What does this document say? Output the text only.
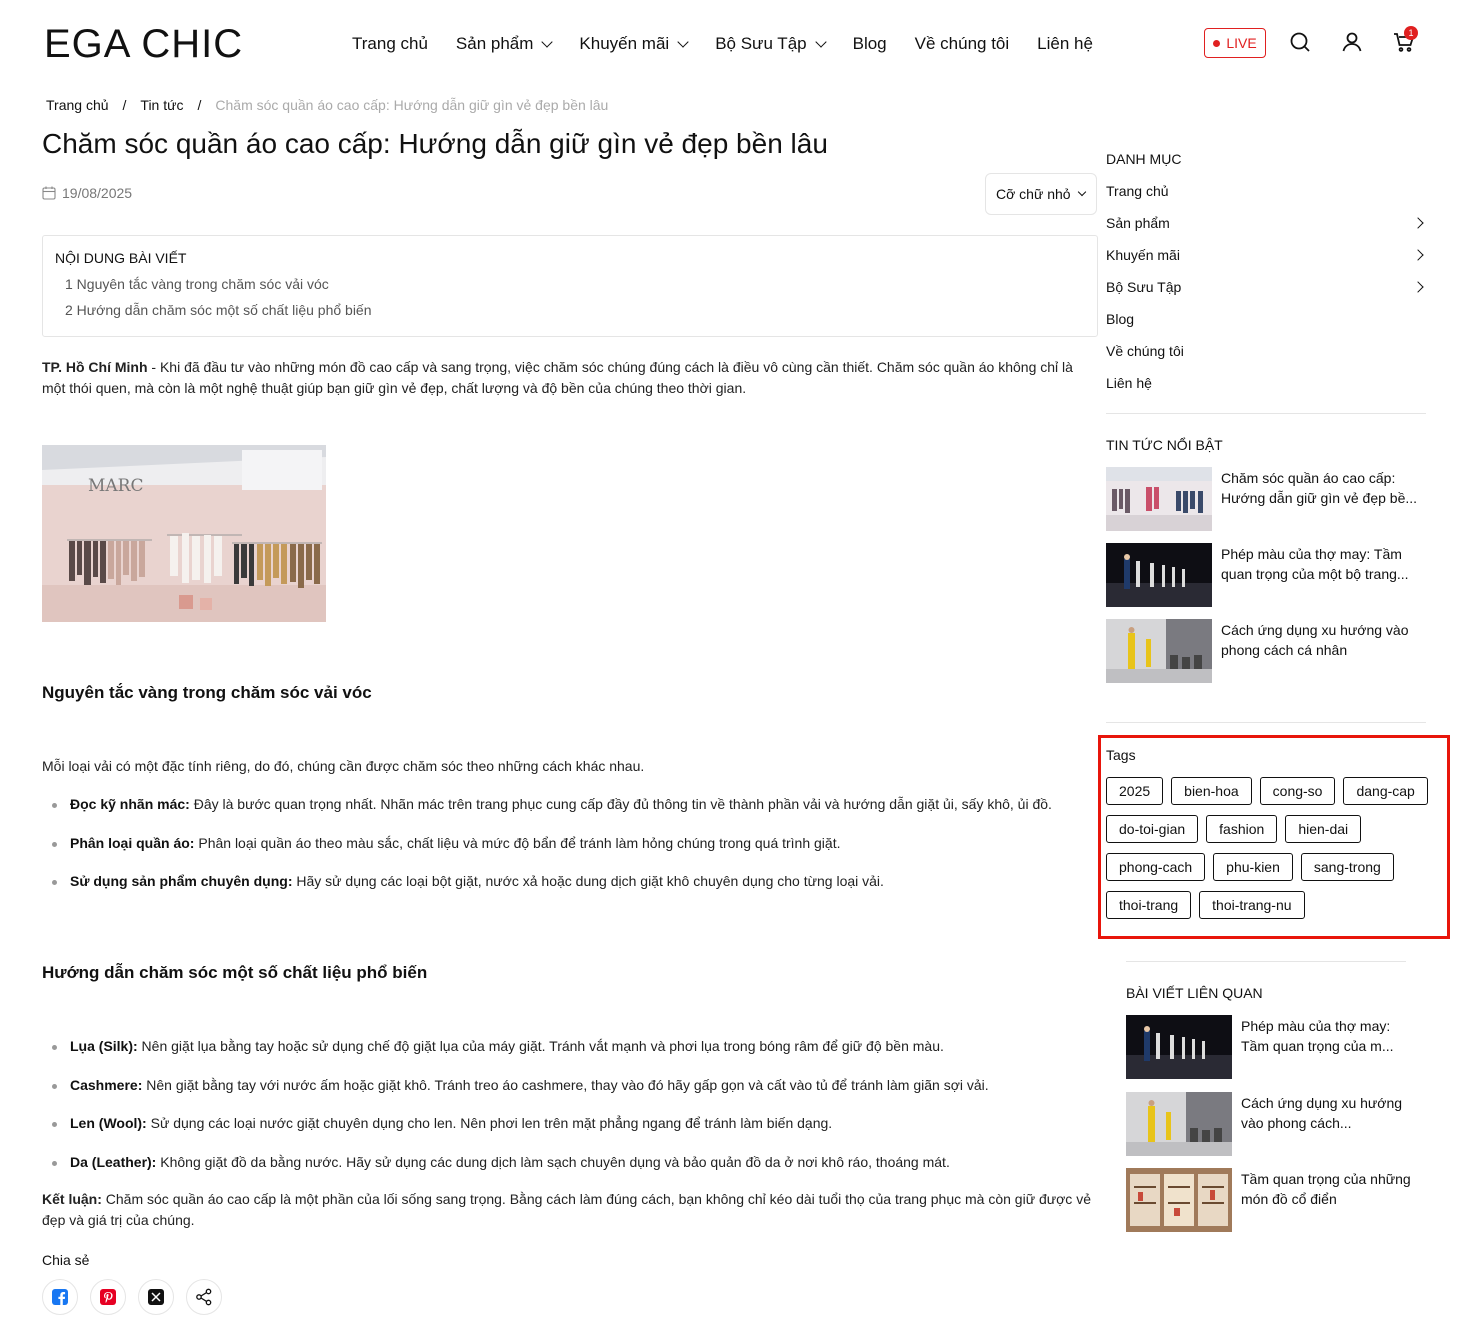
EGA CHIC	Trang chủ Sản phẩm	Khuyến mãi	Bộ Sưu Tập	Blog Về chúng tôi Liên hệ	LIVE
1
Trang chủ / Tin tức / Chăm sóc quần áo cao cấp: Hướng dẫn giữ gìn vẻ đẹp bền lâu
Chăm sóc quần áo cao cấp: Hướng dẫn giữ gìn vẻ đẹp bền lâu
19/08/2025	Cỡ chữ nhỏ
NỘI DUNG BÀI VIẾT
1 Nguyên tắc vàng trong chăm sóc vải vóc
2 Hướng dẫn chăm sóc một số chất liệu phổ biến
TP. Hồ Chí Minh - Khi đã đầu tư vào những món đồ cao cấp và sang trọng, việc chăm sóc chúng đúng cách là điều vô cùng cần thiết. Chăm sóc quần áo không chỉ là một thói quen, mà còn là một nghệ thuật giúp bạn giữ gìn vẻ đẹp, chất lượng và độ bền của chúng theo thời gian.
MARC
Nguyên tắc vàng trong chăm sóc vải vóc
Mỗi loại vải có một đặc tính riêng, do đó, chúng cần được chăm sóc theo những cách khác nhau.
Đọc kỹ nhãn mác: Đây là bước quan trọng nhất. Nhãn mác trên trang phục cung cấp đầy đủ thông tin về thành phần vải và hướng dẫn giặt ủi, sấy khô, ủi đồ.
Phân loại quần áo: Phân loại quần áo theo màu sắc, chất liệu và mức độ bẩn để tránh làm hỏng chúng trong quá trình giặt.
Sử dụng sản phẩm chuyên dụng: Hãy sử dụng các loại bột giặt, nước xả hoặc dung dịch giặt khô chuyên dụng cho từng loại vải.
Hướng dẫn chăm sóc một số chất liệu phổ biến
Lụa (Silk): Nên giặt lụa bằng tay hoặc sử dụng chế độ giặt lụa của máy giặt. Tránh vắt mạnh và phơi lụa trong bóng râm để giữ độ bền màu.
Cashmere: Nên giặt bằng tay với nước ấm hoặc giặt khô. Tránh treo áo cashmere, thay vào đó hãy gấp gọn và cất vào tủ để tránh làm giãn sợi vải.
Len (Wool): Sử dụng các loại nước giặt chuyên dụng cho len. Nên phơi len trên mặt phẳng ngang để tránh làm biến dạng.
Da (Leather): Không giặt đồ da bằng nước. Hãy sử dụng các dung dịch làm sạch chuyên dụng và bảo quản đồ da ở nơi khô ráo, thoáng mát.
Kết luận: Chăm sóc quần áo cao cấp là một phần của lối sống sang trọng. Bằng cách làm đúng cách, bạn không chỉ kéo dài tuổi thọ của trang phục mà còn giữ được vẻ đẹp và giá trị của chúng.
Chia sẻ
DANH MỤC
Trang chủ
Sản phẩm
Khuyến mãi
Bộ Sưu Tập
Blog
Về chúng tôi
Liên hệ
TIN TỨC NỔI BẬT
Chăm sóc quần áo cao cấp: Hướng dẫn giữ gìn vẻ đẹp bề...
Phép màu của thợ may: Tầm quan trọng của một bộ trang...
Cách ứng dụng xu hướng vào phong cách cá nhân
Tags
2025	bien-hoa	cong-so	dang-cap
do-toi-gian	fashion	hien-dai
phong-cach	phu-kien	sang-trong
thoi-trang	thoi-trang-nu
BÀI VIẾT LIÊN QUAN
Phép màu của thợ may: Tầm quan trọng của m...
Cách ứng dụng xu hướng vào phong cách...
Tầm quan trọng của những món đồ cổ điển
